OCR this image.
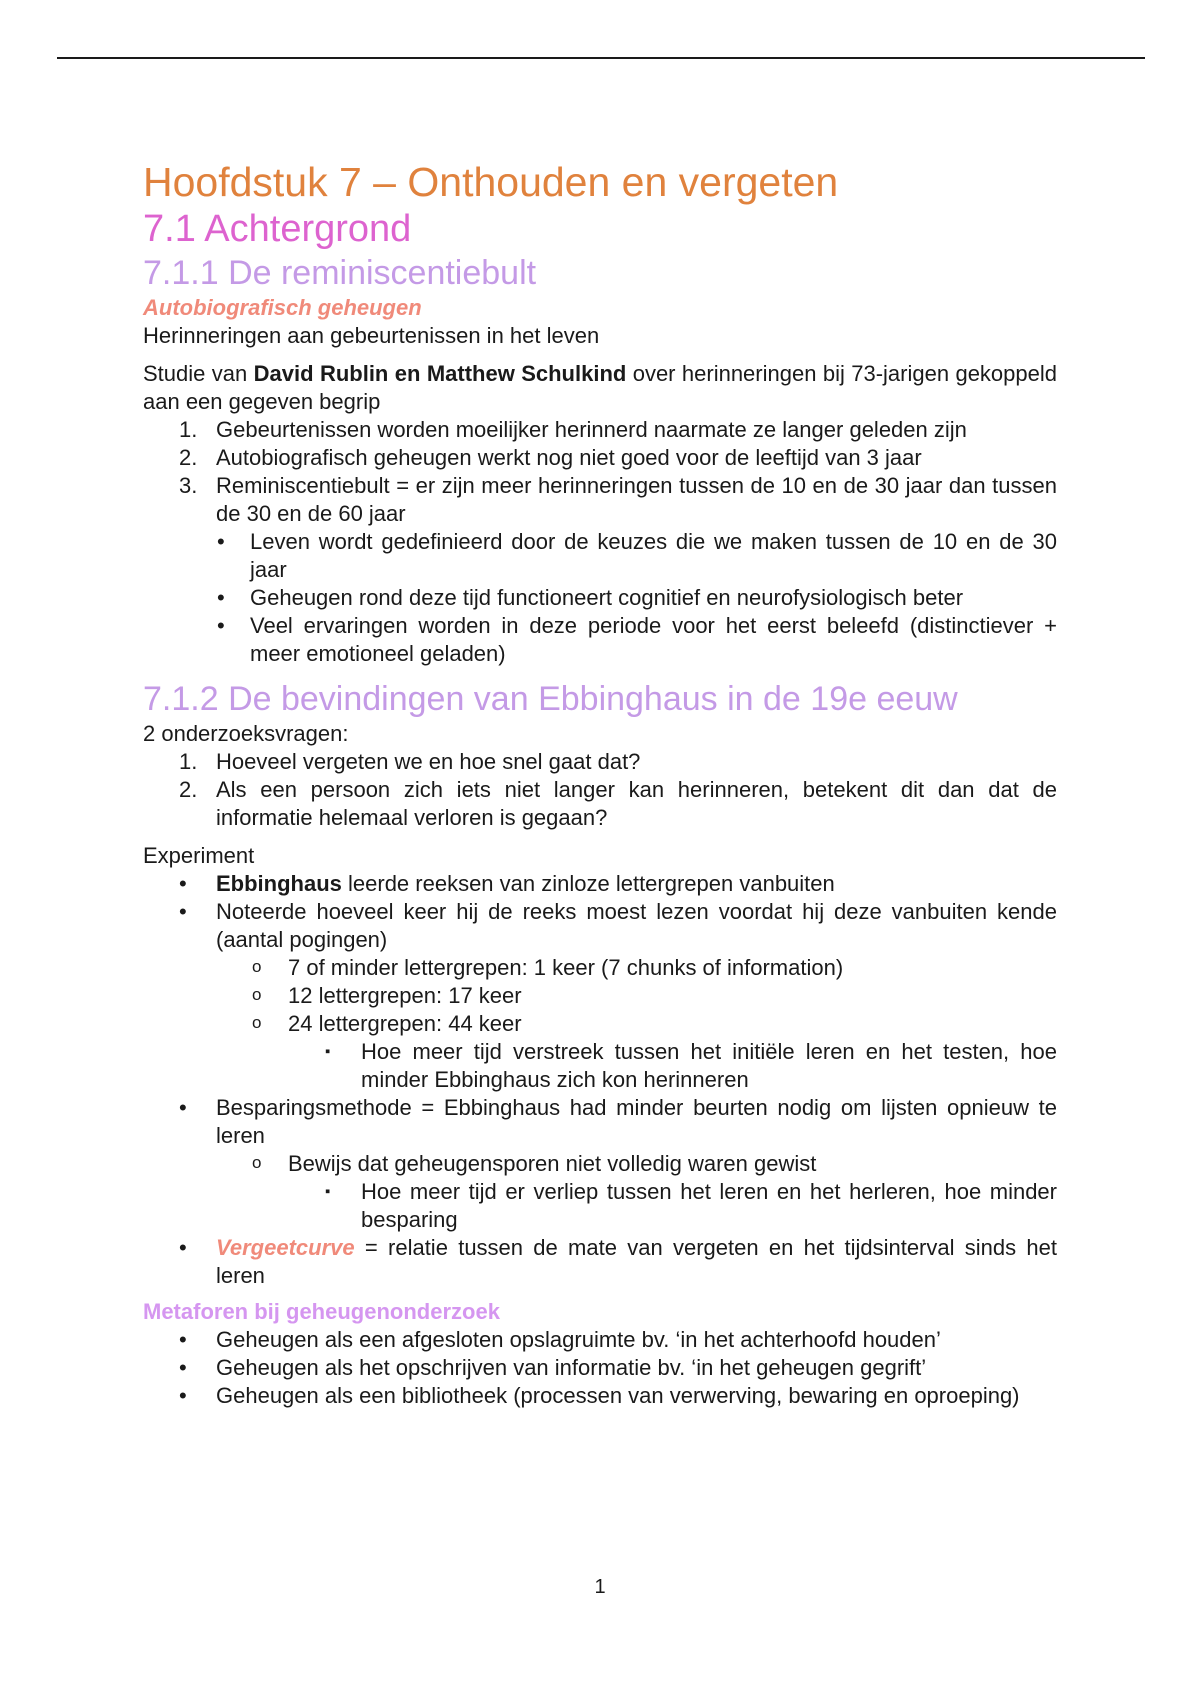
Hoofdstuk 7 – Onthouden en vergeten
7.1 Achtergrond
7.1.1 De reminiscentiebult
Autobiografisch geheugen

Herinneringen aan gebeurtenissen in het leven

Studie van David Rublin en Matthew Schulkind over herinneringen bij 73-jarigen gekoppeld aan een gegeven begrip

1. Gebeurtenissen worden moeilijker herinnerd naarmate ze langer geleden zijn
2. Autobiografisch geheugen werkt nog niet goed voor de leeftijd van 3 jaar
3. Reminiscentiebult = er zijn meer herinneringen tussen de 10 en de 30 jaar dan tussen de 30 en de 60 jaar
• Leven wordt gedefinieerd door de keuzes die we maken tussen de 10 en de 30 jaar
• Geheugen rond deze tijd functioneert cognitief en neurofysiologisch beter
• Veel ervaringen worden in deze periode voor het eerst beleefd (distinctiever + meer emotioneel geladen)
7.1.2 De bevindingen van Ebbinghaus in de 19e eeuw

2 onderzoeksvragen:

1. Hoeveel vergeten we en hoe snel gaat dat?
2. Als een persoon zich iets niet langer kan herinneren, betekent dit dan dat de informatie helemaal verloren is gegaan?

Experiment

• Ebbinghaus leerde reeksen van zinloze lettergrepen vanbuiten
• Noteerde hoeveel keer hij de reeks moest lezen voordat hij deze vanbuiten kende (aantal pogingen)
o 7 of minder lettergrepen: 1 keer (7 chunks of information)
o 12 lettergrepen: 17 keer
o 24 lettergrepen: 44 keer
▪ Hoe meer tijd verstreek tussen het initiële leren en het testen, hoe minder Ebbinghaus zich kon herinneren
• Besparingsmethode = Ebbinghaus had minder beurten nodig om lijsten opnieuw te leren
o Bewijs dat geheugensporen niet volledig waren gewist
▪ Hoe meer tijd er verliep tussen het leren en het herleren, hoe minder besparing
• Vergeetcurve = relatie tussen de mate van vergeten en het tijdsinterval sinds het leren
Metaforen bij geheugenonderzoek
• Geheugen als een afgesloten opslagruimte bv. ‘in het achterhoofd houden’
• Geheugen als het opschrijven van informatie bv. ‘in het geheugen gegrift’
• Geheugen als een bibliotheek (processen van verwerving, bewaring en oproeping)
1
